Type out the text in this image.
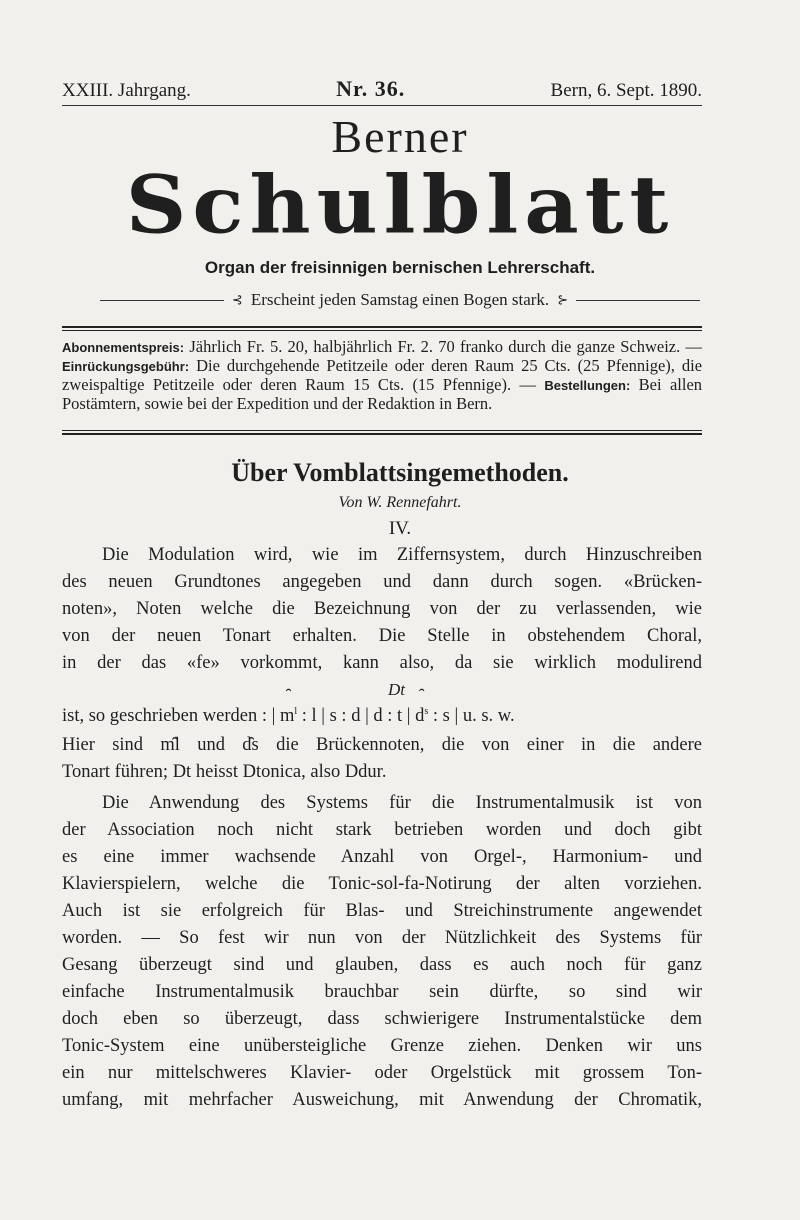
XXIII. Jahrgang.	Nr. 36.	Bern, 6. Sept. 1890.
Berner
Schulblatt
Organ der freisinnigen bernischen Lehrerschaft.
⊰ Erscheint jeden Samstag einen Bogen stark. ⊱
Abonnementspreis: Jährlich Fr. 5. 20, halbjährlich Fr. 2. 70 franko durch die ganze Schweiz. — Einrückungsgebühr: Die durchgehende Petitzeile oder deren Raum 25 Cts. (25 Pfennige), die zweispaltige Petitzeile oder deren Raum 15 Cts. (15 Pfennige). — Bestellungen: Bei allen Postämtern, sowie bei der Expedition und der Redaktion in Bern.
Über Vomblattsingemethoden.
Von W. Rennefahrt.
IV.
Die Modulation wird, wie im Ziffernsystem, durch Hinzuschreiben
des neuen Grundtones angegeben und dann durch sogen. «Brücken-
noten», Noten welche die Bezeichnung von der zu verlassenden, wie
von der neuen Tonart erhalten. Die Stelle in obstehendem Choral,
in der das «fe» vorkommt, kann also, da sie wirklich modulirend
Dt
ist, so geschrieben werden : | ̑ $m^l$ : l | s : d | d : t | ̑ $d^s$ : s | u. s. w.
Hier sind m̑l und d̑s die Brückennoten, die von einer in die andere
Tonart führen; Dt heisst Dtonica, also Ddur.
Die Anwendung des Systems für die Instrumentalmusik ist von
der Association noch nicht stark betrieben worden und doch gibt
es eine immer wachsende Anzahl von Orgel-, Harmonium- und
Klavierspielern, welche die Tonic-sol-fa-Notirung der alten vorziehen.
Auch ist sie erfolgreich für Blas- und Streichinstrumente angewendet
worden. — So fest wir nun von der Nützlichkeit des Systems für
Gesang überzeugt sind und glauben, dass es auch noch für ganz
einfache Instrumentalmusik brauchbar sein dürfte, so sind wir
doch eben so überzeugt, dass schwierigere Instrumentalstücke dem
Tonic-System eine unübersteigliche Grenze ziehen. Denken wir uns
ein nur mittelschweres Klavier- oder Orgelstück mit grossem Ton-
umfang, mit mehrfacher Ausweichung, mit Anwendung der Chromatik,
